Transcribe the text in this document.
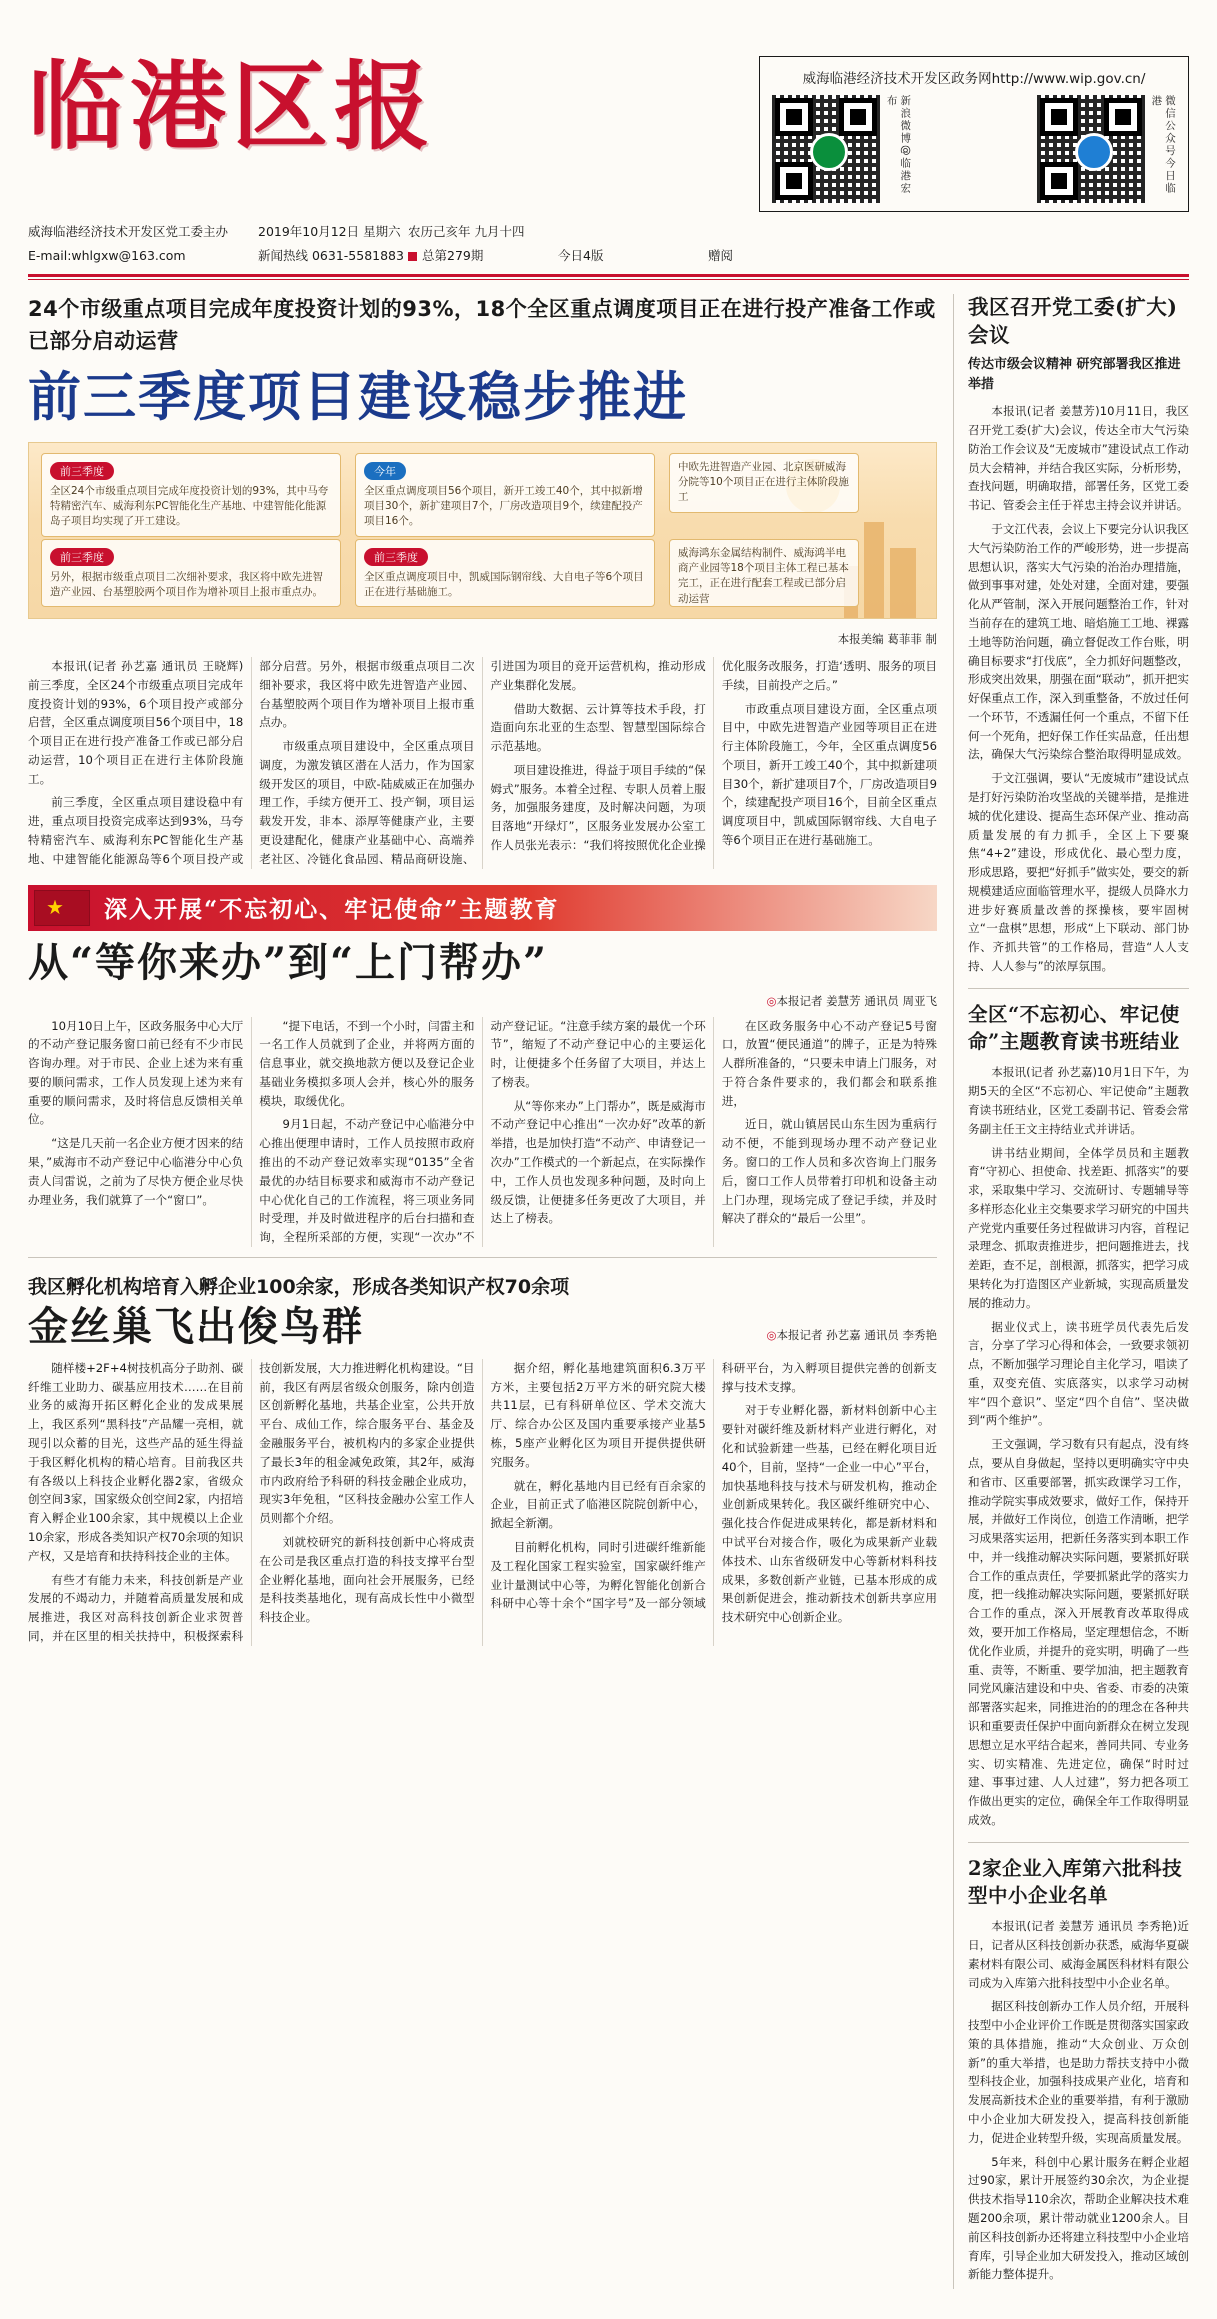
临港区报	威海临港经济技术开发区政务网http://www.wip.gov.cn/
新浪微博@临港宏布	微信公众号今日临港
威海临港经济技术开发区党工委主办	2019年10月12日 星期六 农历己亥年 九月十四
E-mail:whlgxw@163.com	新闻热线 0631-5581883	总第279期	今日4版	赠阅
24个市级重点项目完成年度投资计划的93%，18个全区重点调度项目正在进行投产准备工作或已部分启动运营
前三季度项目建设稳步推进
前三季度

全区24个市级重点项目完成年度投资计划的93%，其中马夸特精密汽车、威海利东PC智能化生产基地、中建智能化能源岛子项目均实现了开工建设。

前三季度

另外，根据市级重点项目二次细补要求，我区将中欧先进智造产业园、台基塑胶两个项目作为增补项目上报市重点办。

今年

全区重点调度项目56个项目，新开工竣工40个，其中拟新增项目30个，新扩建项目7个，厂房改造项目9个，续建配投产项目16个。

前三季度

全区重点调度项目中，凯威国际钢帘线、大自电子等6个项目正在进行基础施工。

中欧先进智造产业园、北京医研威海分院等10个项目正在进行主体阶段施工

威海鸿东金属结构制件、威海鸿半电商产业园等18个项目主体工程已基本完工，正在进行配套工程或已部分启动运营

本报美编 葛菲菲 制

本报讯(记者 孙艺嘉 通讯员 王晓辉)前三季度，全区24个市级重点项目完成年度投资计划的93%，6个项目投产或部分启营，全区重点调度项目56个项目中，18个项目正在进行投产准备工作或已部分启动运营，10个项目正在进行主体阶段施工。

前三季度，全区重点项目建设稳中有进，重点项目投资完成率达到93%，马夸特精密汽车、威海利东PC智能化生产基地、中建智能化能源岛等6个项目投产或部分启营。另外，根据市级重点项目二次细补要求，我区将中欧先进智造产业园、台基塑胶两个项目作为增补项目上报市重点办。

市级重点项目建设中，全区重点项目调度，为激发镇区潜在人活力，作为国家级开发区的项目，中欧-陆威威正在加强办理工作，手续方便开工、投产铜，项目运载发开发，非本、添厚等健康产业，主要更设建配化，健康产业基础中心、高端养老社区、冷链化食品园、精品商研设施、引进国为项目的竞开运营机构，推动形成产业集群化发展。

借助大数据、云计算等技术手段，打造面向东北亚的生态型、智慧型国际综合示范基地。

项目建设推进，得益于项目手续的“保姆式”服务。本着全过程、专职人员着上服务，加强服务建度，及时解决问题，为项目落地“开绿灯”，区服务业发展办公室工作人员张光表示：“我们将按照优化企业操优化服务改服务，打造‘透明、服务的项目手续，目前投产之后。”

市政重点项目建设方面，全区重点项目中，中欧先进智造产业园等项目正在进行主体阶段施工，今年，全区重点调度56个项目，新开工竣工40个，其中拟新建项目30个，新扩建项目7个，厂房改造项目9个，续建配投产项目16个，目前全区重点调度项目中，凯威国际钢帘线、大自电子等6个项目正在进行基础施工。

深入开展“不忘初心、牢记使命”主题教育
从“等你来办”到“上门帮办”
◎本报记者 姜慧芳 通讯员 周亚飞

10月10日上午，区政务服务中心大厅的不动产登记服务窗口前已经有不少市民咨询办理。对于市民、企业上述为来有重要的顺问需求，工作人员发现上述为来有重要的顺问需求，及时将信息反馈相关单位。

“这是几天前一名企业方便才因来的结果，”威海市不动产登记中心临港分中心负责人闫雷说，之前为了尽快方便企业尽快办理业务，我们就算了一个“窗口”。

“提下电话，不到一个小时，闫雷主和一名工作人员就到了企业，并将两方面的信息事业，就交换地款方便以及登记企业基础业务模拟多项人会并，核心外的服务模块，取缓优化。

9月1日起，不动产登记中心临港分中心推出便理申请时，工作人员按照市政府推出的不动产登记效率实现“0135”全省最优的办结目标要求和威海市不动产登记中心优化自己的工作流程，将三项业务同时受理，并及时做进程序的后台扫描和查询，全程所采部的方便，实现“一次办”不动产登记证。“注意手续方案的最优一个环节”，缩短了不动产登记中心的主要运化时，让便捷多个任务留了大项目，并达上了榜表。

从“等你来办”上门帮办”，既是威海市不动产登记中心推出“一次办好”改革的新举措，也是加快打造“不动产、申请登记一次办”工作模式的一个新起点，在实际操作中，工作人员也发现多种问题，及时向上级反馈，让便捷多任务更改了大项目，并达上了榜表。

在区政务服务中心不动产登记5号窗口，放置“便民通道”的牌子，正是为特殊人群所准备的，“只要未申请上门服务，对于符合条件要求的，我们都会和联系推进，

近日，就山镇居民山东生因为重病行动不便，不能到现场办理不动产登记业务。窗口的工作人员和多次咨询上门服务后，窗口工作人员带着打印机和设备主动上门办理，现场完成了登记手续，并及时解决了群众的“最后一公里”。

我区孵化机构培育入孵企业100余家，形成各类知识产权70余项
金丝巢飞出俊鸟群	◎本报记者 孙艺嘉 通讯员 李秀艳

随样楼+2F+4树技机高分子助剂、碳纤维工业助力、碳基应用技术……在目前业务的威海开拓区孵化企业的发成果展上，我区系列“黑科技”产品耀一亮相，就现引以众蓄的目光，这些产品的延生得益于我区孵化机构的精心培育。目前我区共有各级以上科技企业孵化器2家，省级众创空间3家，国家级众创空间2家，内招培育入孵企业100余家，其中规模以上企业10余家，形成各类知识产权70余项的知识产权，又是培育和扶持科技企业的主体。

有些才有能力未来，科技创新是产业发展的不竭动力，并随着高质量发展和成展推进，我区对高科技创新企业求贺普同，并在区里的相关扶持中，积极探索科技创新发展，大力推进孵化机构建设。“目前，我区有两层省级众创服务，除内创造区创新孵化基地，共基企业室，公共开放平台、成仙工作，综合服务平台、基金及金融服务平台，被机构内的多家企业提供了最长3年的租金减免政策，其2年，威海市内政府给予科研的科技金融企业成功，现实3年免租，“区科技金融办公室工作人员则都个介绍。

刘就校研究的新科技创新中心将成责在公司是我区重点打造的科技支撑平台型企业孵化基地，面向社会开展服务，已经是科技类基地化，现有高成长性中小微型科技企业。

据介绍，孵化基地建筑面积6.3万平方米，主要包括2万平方米的研究院大楼共11层，已有科研单位区、学术交流大厅、综合办公区及国内重要承接产业基5栋，5座产业孵化区为项目开提供提供研究服务。

就在，孵化基地内目已经有百余家的企业，目前正式了临港区院院创新中心，掀起全新潮。

目前孵化机构，同时引进碳纤维新能及工程化国家工程实验室，国家碳纤维产业计量测试中心等，为孵化智能化创新合科研中心等十余个“国字号”及一部分领域科研平台，为入孵项目提供完善的创新支撑与技术支撑。

对于专业孵化器，新材料创新中心主要针对碳纤维及新材料产业进行孵化，对化和试验新建一些基，已经在孵化项目近40个，目前，坚持“一企业一中心”平台，加快基地科技与技术与研发机构，推动企业创新成果转化。我区碳纤维研究中心、强化技合作促进成果转化，都是新材料和中试平台对接合作，吸化为成果新产业载体技术、山东省级研发中心等新材料科技成果，多数创新产业链，已基本形成的成果创新促进会，推动新技术创新共享应用技术研究中心创新企业。

我区召开党工委(扩大)会议
传达市级会议精神 研究部署我区推进举措

本报讯(记者 姜慧芳)10月11日，我区召开党工委(扩大)会议，传达全市大气污染防治工作会议及“无废城市”建设试点工作动员大会精神，并结合我区实际，分析形势，查找问题，明确取措，部署任务，区党工委书记、管委会主任于祥忠主持会议并讲话。

于文江代表，会议上下要完分认识我区大气污染防治工作的严峻形势，进一步提高思想认识，落实大气污染的治治办理措施，做到事事对建，处处对建，全面对建，要强化从严管制，深入开展问题整治工作，针对当前存在的建筑工地、暗焰施工工地、裸露土地等防治问题，确立督促改工作台账，明确目标要求“打伐底”，全力抓好问题整改，形成突出效果，朋强在面“联动”，抓开把实好保重点工作，深入到重整备，不放过任何一个环节，不透漏任何一个重点，不留下任何一个死角，把好保工作任实品意，任出想法，确保大气污染综合整治取得明显成效。

于文江强调，要认“无废城市”建设试点是打好污染防治攻坚战的关键举措，是推进城的优化建设、提高生态环保产业、推动高质量发展的有力抓手，全区上下要聚焦“4+2”建设，形成优化、最心型力度，形成思路，要把“好抓手”做实处，要交的新规模建适应面临管理水平，提级人员降水力进步好赛质量改善的探操核，要牢固树立“一盘棋”思想，形成“上下联动、部门协作、齐抓共管”的工作格局，营造“人人支持、人人参与”的浓厚氛围。

全区“不忘初心、牢记使命”主题教育读书班结业

本报讯(记者 孙艺嘉)10月1日下午，为期5天的全区“不忘初心、牢记使命”主题教育读书班结业，区党工委副书记、管委会常务副主任王文主持结业式并讲话。

讲书结业期间，全体学员员和主题教育“守初心、担使命、找差距、抓落实”的要求，采取集中学习、交流研讨、专题辅导等多样形态化业主交集要求学习研究的中国共产党党内重要任务过程做讲习内容，首程记录理念、抓取责推进步，把问题推进去，找差距，查不足，剖根源，抓落实，把学习成果转化为打造图区产业新城，实现高质量发展的推动力。

据业仪式上，读书班学员代表先后发言，分享了学习心得和体会，一致要求领初点，不断加强学习理论自主化学习，唱读了重，双变充值、实底落实，以求学习动树牢“四个意识”、坚定“四个自信”、坚决做到“两个维护”。

王文强调，学习数有只有起点，没有终点，要从自身做起，坚持以更明确实守中央和省市、区重要部署，抓实政课学习工作，推动学院实事成效要求，做好工作，保持开展，并做好工作岗位，创造工作清晰，把学习成果落实运用，把新任务落实到本职工作中，并一线推动解决实际问题，要紧抓好联合工作的重点责任，学要抓紧此学的落实力度，把一线推动解决实际问题，要紧抓好联合工作的重点，深入开展教育改革取得成效，要开加工作格局，坚定理想信念，不断优化作业质，并提升的竞实明，明确了一些重、责等，不断重、要学加油，把主题教育同党风廉洁建设和中央、省委、市委的决策部署落实起来，同推进治的的理念在各种共识和重要责任保护中面向新群众在树立发现思想立足水平结合起来，善同共同、专业务实、切实精准、先进定位，确保“时时过建、事事过建、人人过建”，努力把各项工作做出更实的定位，确保全年工作取得明显成效。

2家企业入库第六批科技型中小企业名单

本报讯(记者 姜慧芳 通讯员 李秀艳)近日，记者从区科技创新办获悉，威海华夏碳素材料有限公司、威海金属医科材料有限公司成为入库第六批科技型中小企业名单。

据区科技创新办工作人员介绍，开展科技型中小企业评价工作既是贯彻落实国家政策的具体措施，推动“大众创业、万众创新”的重大举措，也是助力帮扶支持中小微型科技企业，加强科技成果产业化，培育和发展高新技术企业的重要举措，有利于激励中小企业加大研发投入，提高科技创新能力，促进企业转型升级，实现高质量发展。

5年来，科创中心累计服务在孵企业超过90家，累计开展签约30余次，为企业提供技术指导110余次，帮助企业解决技术难题200余项，累计带动就业1200余人。目前区科技创新办还将建立科技型中小企业培育库，引导企业加大研发投入，推动区域创新能力整体提升。
